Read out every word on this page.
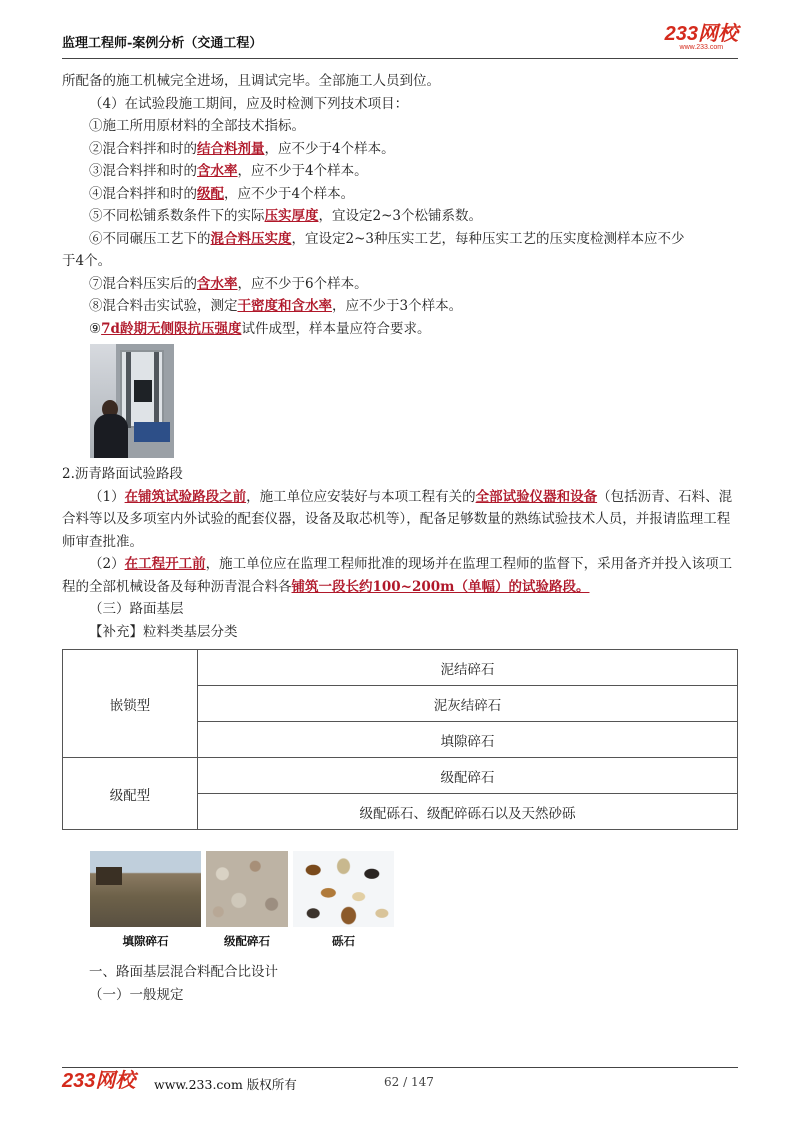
监理工程师-案例分析（交通工程）	233网校
www.233.com
所配备的施工机械完全进场，且调试完毕。全部施工人员到位。
（4）在试验段施工期间，应及时检测下列技术项目：
①施工所用原材料的全部技术指标。
②混合料拌和时的结合料剂量，应不少于4个样本。
③混合料拌和时的含水率，应不少于4个样本。
④混合料拌和时的级配，应不少于4个样本。
⑤不同松铺系数条件下的实际压实厚度，宜设定2~3个松铺系数。
⑥不同碾压工艺下的混合料压实度，宜设定2~3种压实工艺，每种压实工艺的压实度检测样本应不少
于4个。
⑦混合料压实后的含水率，应不少于6个样本。
⑧混合料击实试验，测定干密度和含水率，应不少于3个样本。
⑨7d龄期无侧限抗压强度试件成型，样本量应符合要求。
2.沥青路面试验路段
（1）在铺筑试验路段之前，施工单位应安装好与本项工程有关的全部试验仪器和设备（包括沥青、石料、混合料等以及多项室内外试验的配套仪器，设备及取芯机等），配备足够数量的熟练试验技术人员，并报请监理工程师审查批准。
（2）在工程开工前，施工单位应在监理工程师批准的现场并在监理工程师的监督下，采用备齐并投入该项工程的全部机械设备及每种沥青混合料各铺筑一段长约100~200m（单幅）的试验路段。
（三）路面基层
【补充】粒料类基层分类
嵌锁型	泥结碎石
	泥灰结碎石
	填隙碎石
级配型	级配碎石
	级配砾石、级配碎砾石以及天然砂砾
填隙碎石	级配碎石	砾石
一、路面基层混合料配合比设计
（一）一般规定
233网校 www.233.com 版权所有	62 / 147
